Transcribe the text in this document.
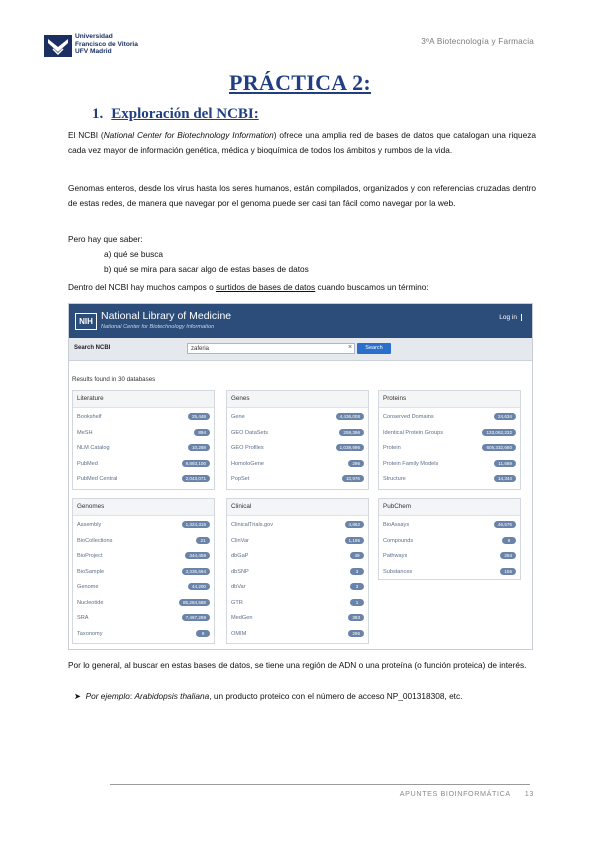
Universidad
Francisco de Vitoria
UFV Madrid
3ºA Biotecnología y Farmacia
PRÁCTICA 2:
1. Exploración del NCBI:
El NCBI (National Center for Biotechnology Information) ofrece una amplia red de bases de datos que catalogan una riqueza cada vez mayor de información genética, médica y bioquímica de todos los ámbitos y rumbos de la vida.
Genomas enteros, desde los virus hasta los seres humanos, están compilados, organizados y con referencias cruzadas dentro de estas redes, de manera que navegar por el genoma puede ser casi tan fácil como navegar por la web.
Pero hay que saber:
a) qué se busca
b) qué se mira para sacar algo de estas bases de datos
Dentro del NCBI hay muchos campos o surtidos de bases de datos cuando buscamos un término:
NIH National Library of Medicine
National Center for Biotechnology Information
Log in
Search NCBI	zaferia	×	Search
Results found in 30 databases
Literature
Bookshelf	25,448
MeSH	894
NLM Catalog	10,268
PubMed	9,893,100
PubMed Central	2,043,071
Genes
Gene	4,436,008
GEO DataSets	259,396
GEO Profiles	1,039,996
HomoloGene	296
PopSet	10,976
Proteins
Conserved Domains	24,634
Identical Protein Groups	133,062,232
Protein	605,332,660
Protein Family Models	11,669
Structure	14,344
Genomes
Assembly	1,324,315
BioCollections	21
BioProject	344,459
BioSample	3,335,594
Genome	44,200
Nucleotide	85,284,588
SRA	7,467,299
Taxonomy	9
Clinical
ClinicalTrials.gov	4,862
ClinVar	1,195
dbGaP	49
dbSNP	3
dbVar	3
GTR	1
MedGen	383
OMIM	296
PubChem
BioAssays	46,576
Compounds	6
Pathways	254
Substances	155
Por lo general, al buscar en estas bases de datos, se tiene una región de ADN o una proteína (o función proteica) de interés.
➤ Por ejemplo: Arabidopsis thaliana, un producto proteico con el número de acceso NP_001318308, etc.
APUNTES BIOINFORMÁTICA 13
